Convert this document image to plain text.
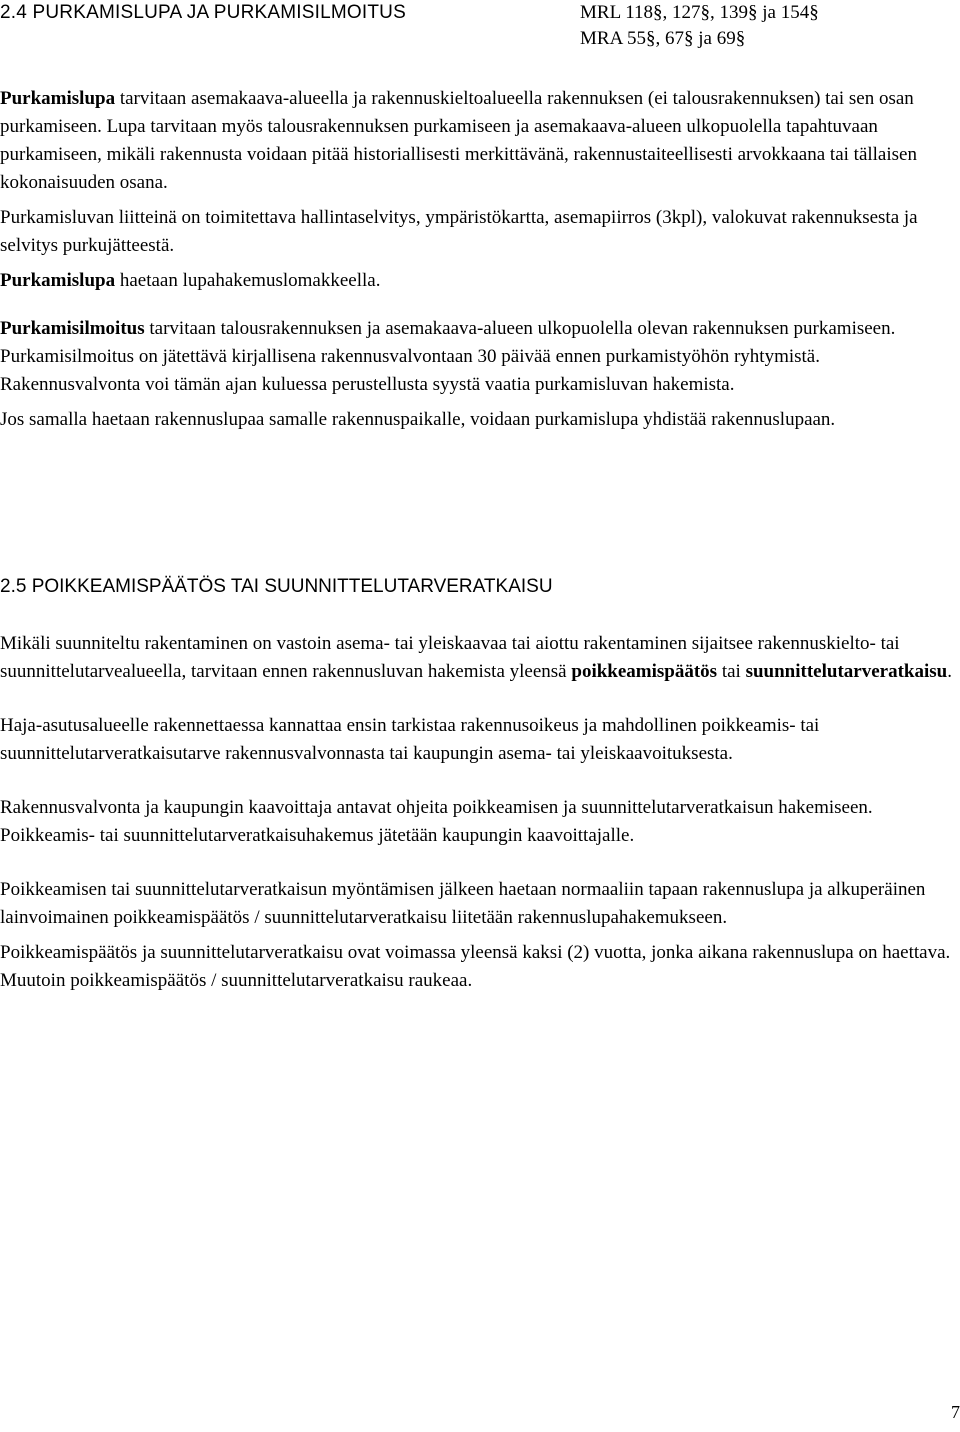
2.4 PURKAMISLUPA JA PURKAMISILMOITUS	MRL 118§, 127§, 139§ ja 154§
MRA 55§, 67§ ja 69§

Purkamislupa tarvitaan asemakaava-alueella ja rakennuskieltoalueella rakennuksen (ei talousrakennuksen) tai sen osan purkamiseen. Lupa tarvitaan myös talousrakennuksen purkamiseen ja asemakaava-alueen ulkopuolella tapahtuvaan purkamiseen, mikäli rakennusta voidaan pitää historiallisesti merkittävänä, rakennustaiteellisesti arvokkaana tai tällaisen kokonaisuuden osana.

Purkamisluvan liitteinä on toimitettava hallintaselvitys, ympäristökartta, asemapiirros (3kpl), valokuvat rakennuksesta ja selvitys purkujätteestä.

Purkamislupa haetaan lupahakemuslomakkeella.

Purkamisilmoitus tarvitaan talousrakennuksen ja asemakaava-alueen ulkopuolella olevan rakennuksen purkamiseen. Purkamisilmoitus on jätettävä kirjallisena rakennusvalvontaan 30 päivää ennen purkamistyöhön ryhtymistä. Rakennusvalvonta voi tämän ajan kuluessa perustellusta syystä vaatia purkamisluvan hakemista.

Jos samalla haetaan rakennuslupaa samalle rakennuspaikalle, voidaan purkamislupa yhdistää rakennuslupaan.

2.5 POIKKEAMISPÄÄTÖS TAI SUUNNITTELUTARVERATKAISU

Mikäli suunniteltu rakentaminen on vastoin asema- tai yleiskaavaa tai aiottu rakentaminen sijaitsee rakennuskielto- tai suunnittelutarvealueella, tarvitaan ennen rakennusluvan hakemista yleensä poikkeamispäätös tai suunnittelutarveratkaisu.

Haja-asutusalueelle rakennettaessa kannattaa ensin tarkistaa rakennusoikeus ja mahdollinen poikkeamis- tai suunnittelutarveratkaisutarve rakennusvalvonnasta tai kaupungin asema- tai yleiskaavoituksesta.

Rakennusvalvonta ja kaupungin kaavoittaja antavat ohjeita poikkeamisen ja suunnittelutarveratkaisun hakemiseen. Poikkeamis- tai suunnittelutarveratkaisuhakemus jätetään kaupungin kaavoittajalle.

Poikkeamisen tai suunnittelutarveratkaisun myöntämisen jälkeen haetaan normaaliin tapaan rakennuslupa ja alkuperäinen lainvoimainen poikkeamispäätös / suunnittelutarveratkaisu liitetään rakennuslupahakemukseen.

Poikkeamispäätös ja suunnittelutarveratkaisu ovat voimassa yleensä kaksi (2) vuotta, jonka aikana rakennuslupa on haettava. Muutoin poikkeamispäätös / suunnittelutarveratkaisu raukeaa.

7
